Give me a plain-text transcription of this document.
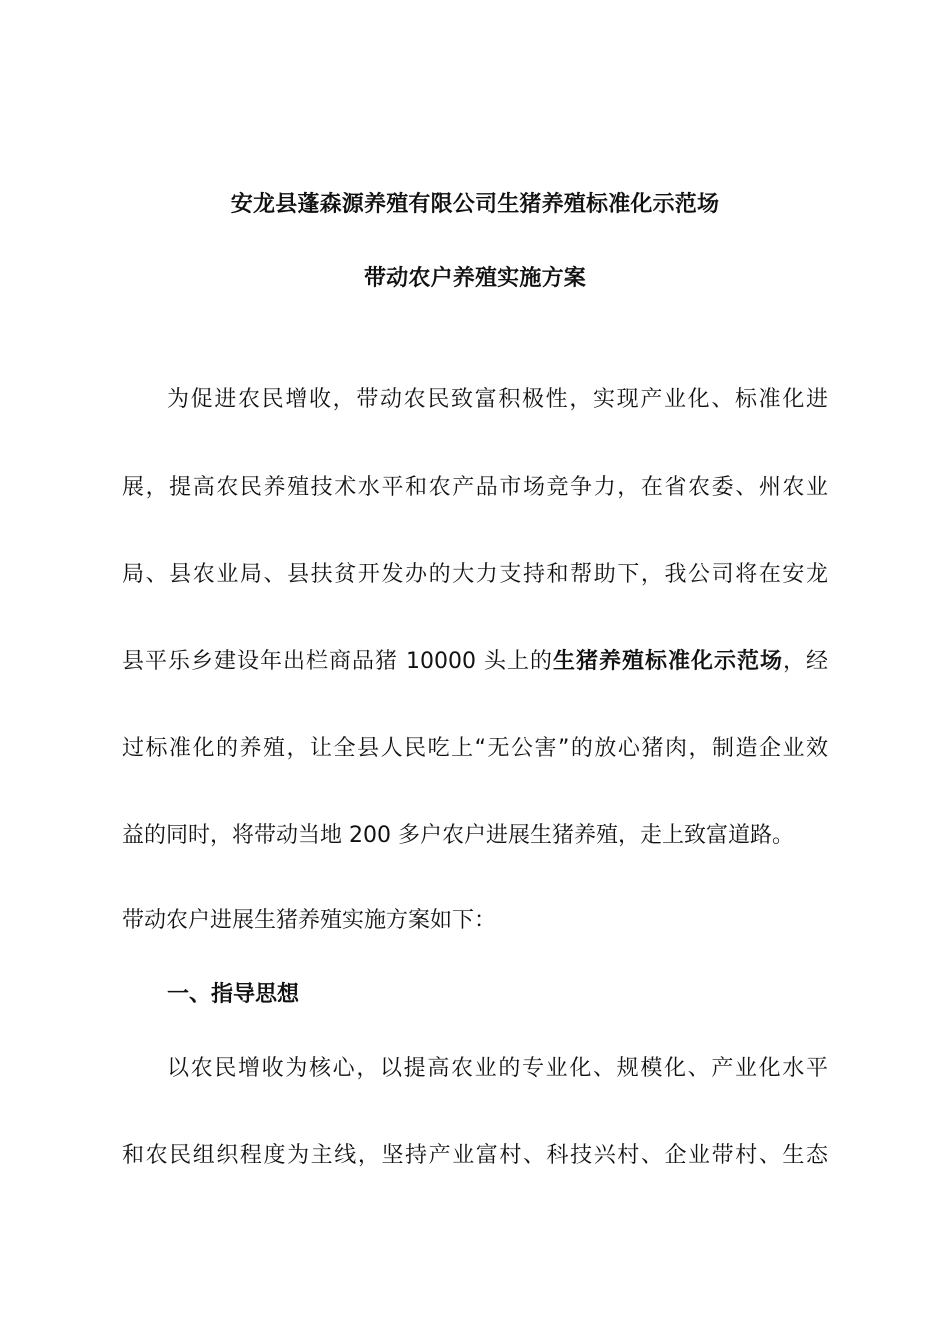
安龙县蓬森源养殖有限公司生猪养殖标准化示范场
带动农户养殖实施方案
为促进农民增收，带动农民致富积极性，实现产业化、标准化进
展，提高农民养殖技术水平和农产品市场竞争力，在省农委、州农业
局、县农业局、县扶贫开发办的大力支持和帮助下，我公司将在安龙
县平乐乡建设年出栏商品猪 10000 头上的生猪养殖标准化示范场，经
过标准化的养殖，让全县人民吃上“无公害”的放心猪肉，制造企业效
益的同时，将带动当地 200 多户农户进展生猪养殖，走上致富道路。
带动农户进展生猪养殖实施方案如下：
一、指导思想
以农民增收为核心，以提高农业的专业化、规模化、产业化水平
和农民组织程度为主线，坚持产业富村、科技兴村、企业带村、生态
